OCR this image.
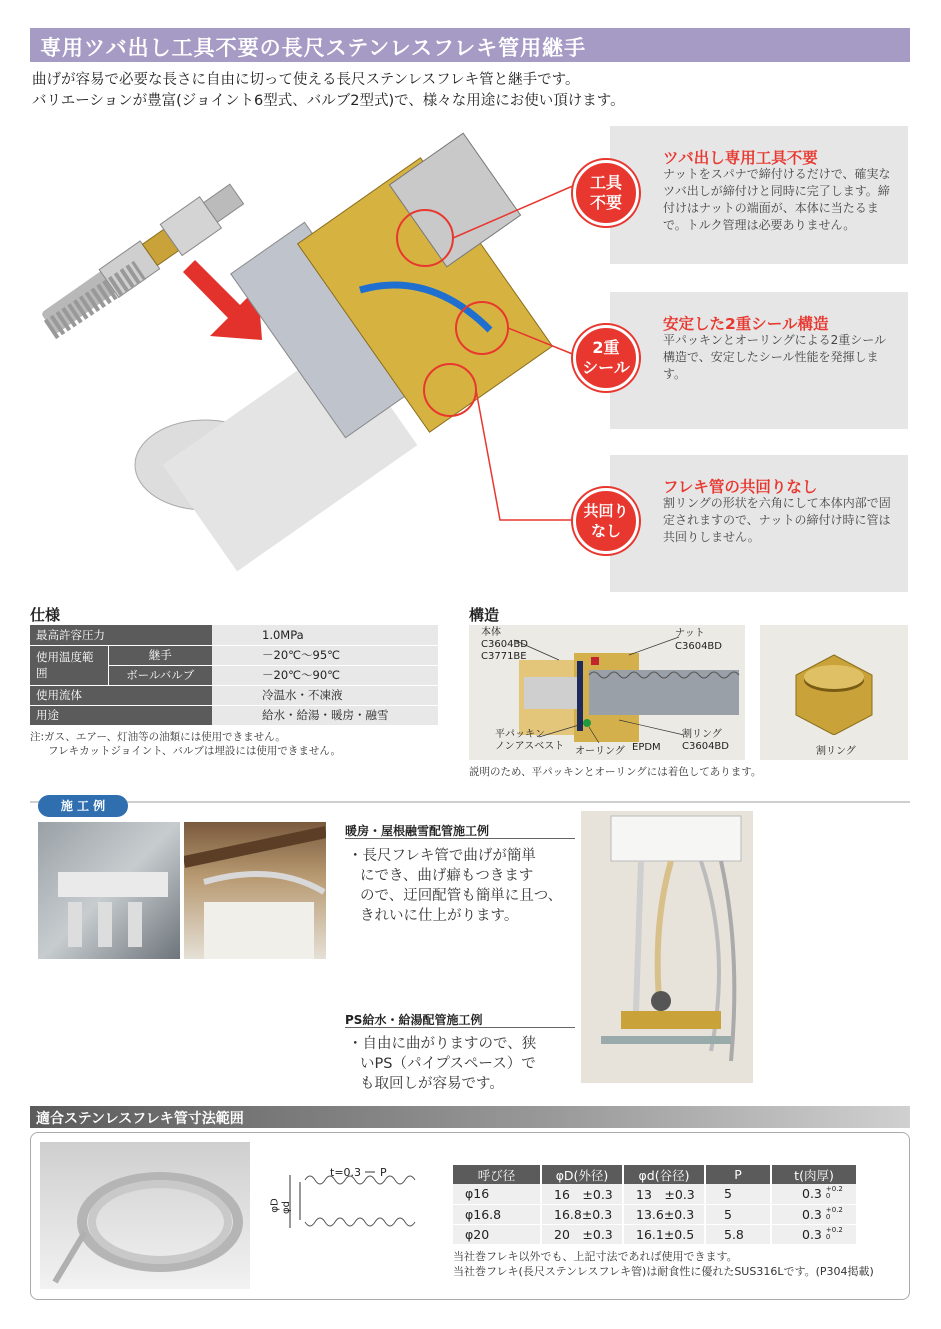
専用ツバ出し工具不要の長尺ステンレスフレキ管用継手
曲げが容易で必要な長さに自由に切って使える長尺ステンレスフレキ管と継手です。
バリエーションが豊富(ジョイント6型式、バルブ2型式)で、様々な用途にお使い頂けます。
ツバ出し専用工具不要

ナットをスパナで締付けるだけで、確実なツバ出しが締付けと同時に完了します。締付けはナットの端面が、本体に当たるまで。トルク管理は必要ありません。

工具
不要
安定した2重シール構造

平パッキンとオーリングによる2重シール構造で、安定したシール性能を発揮します。

2重
シール
フレキ管の共回りなし

割リングの形状を六角にして本体内部で固定されますので、ナットの締付け時に管は共回りしません。

共回り
なし
仕様
最高許容圧力		1.0MPa
使用温度範囲	継手	－20℃～95℃
	ボールバルブ	－20℃～90℃
使用流体		冷温水・不凍液
用途		給水・給湯・暖房・融雪
注:ガス、エアー、灯油等の油類には使用できません。
フレキカットジョイント、バルブは埋設には使用できません。
構造
本体
C3604BD
C3771BE
ナット
C3604BD
平パッキン
ノンアスベスト オーリング EPDM
割リング
C3604BD	割リング
説明のため、平パッキンとオーリングには着色してあります。
施 工 例
暖房・屋根融雪配管施工例
・長尺フレキ管で曲げが簡単
にでき、曲げ癖もつきます
ので、迂回配管も簡単に且つ、
きれいに仕上がります。
PS給水・給湯配管施工例
・自由に曲がりますので、狭
いPS（パイプスペース）で
も取回しが容易です。
適合ステンレスフレキ管寸法範囲
t=0.3 P
φD φd
呼び径	φD(外径)	φd(谷径)	P	t(肉厚)
φ16	16　±0.3	13　±0.3	5	0.3 $^{+0.2 0}$
φ16.8	16.8±0.3	13.6±0.3	5	0.3 $^{+0.2 0}$
φ20	20　±0.3	16.1±0.5	5.8	0.3 $^{+0.2 0}$
当社巻フレキ以外でも、上記寸法であれば使用できます。
当社巻フレキ(長尺ステンレスフレキ管)は耐食性に優れたSUS316Lです。(P304掲載)
